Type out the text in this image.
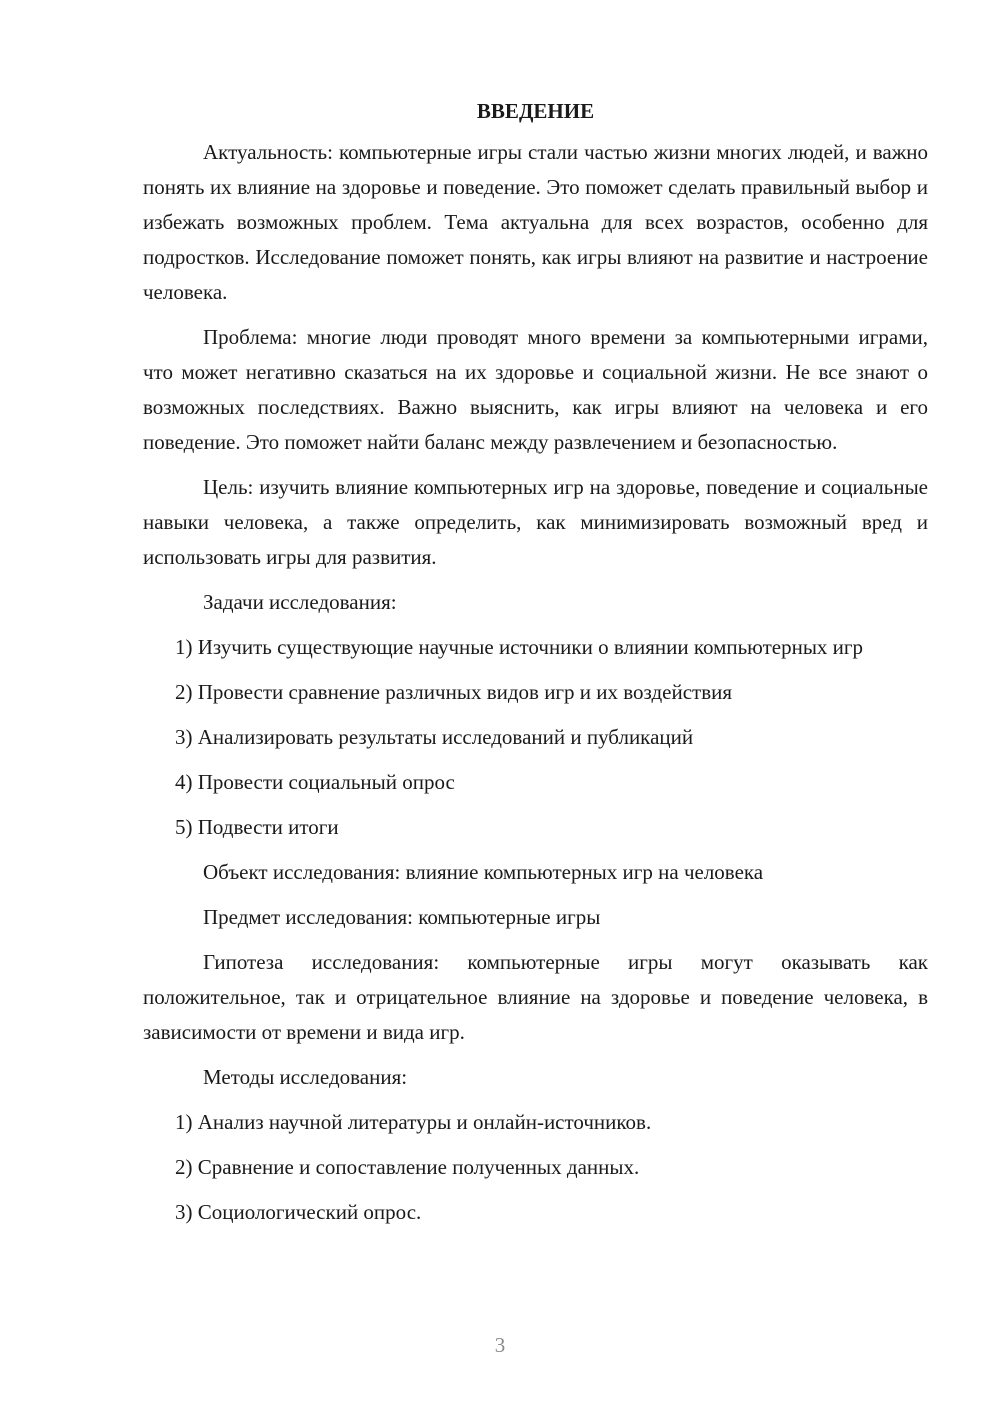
ВВЕДЕНИЕ

Актуальность: компьютерные игры стали частью жизни многих людей, и важно понять их влияние на здоровье и поведение. Это поможет сделать правильный выбор и избежать возможных проблем. Тема актуальна для всех возрастов, особенно для подростков. Исследование поможет понять, как игры влияют на развитие и настроение человека.

Проблема: многие люди проводят много времени за компьютерными играми, что может негативно сказаться на их здоровье и социальной жизни. Не все знают о возможных последствиях. Важно выяснить, как игры влияют на человека и его поведение. Это поможет найти баланс между развлечением и безопасностью.

Цель: изучить влияние компьютерных игр на здоровье, поведение и социальные навыки человека, а также определить, как минимизировать возможный вред и использовать игры для развития.

Задачи исследования:

1) Изучить существующие научные источники о влиянии компьютерных игр

2) Провести сравнение различных видов игр и их воздействия

3) Анализировать результаты исследований и публикаций

4) Провести социальный опрос

5) Подвести итоги

Объект исследования: влияние компьютерных игр на человека

Предмет исследования: компьютерные игры

Гипотеза исследования: компьютерные игры могут оказывать как положительное, так и отрицательное влияние на здоровье и поведение человека, в зависимости от времени и вида игр.

Методы исследования:

1) Анализ научной литературы и онлайн-источников.

2) Сравнение и сопоставление полученных данных.

3) Социологический опрос.

3
